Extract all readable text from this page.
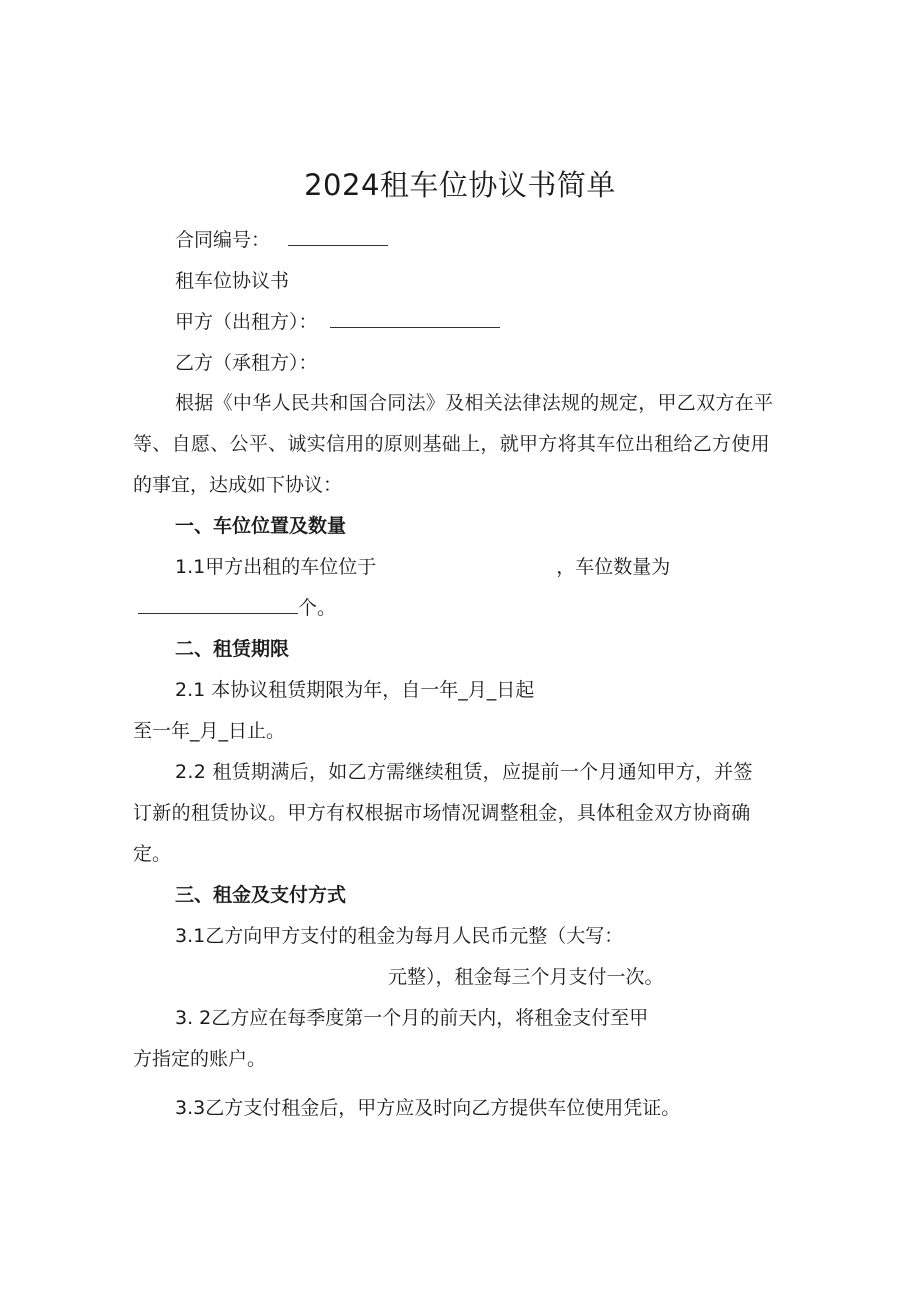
2024租车位协议书简单
合同编号：
租车位协议书
甲方（出租方）：
乙方（承租方）：
根据《中华人民共和国合同法》及相关法律法规的规定，甲乙双方在平
等、自愿、公平、诚实信用的原则基础上，就甲方将其车位出租给乙方使用
的事宜，达成如下协议：
一、车位位置及数量
1.1甲方出租的车位位于	，车位数量为
个。
二、租赁期限
2.1 本协议租赁期限为年，自一年_月_日起
至一年_月_日止。
2.2 租赁期满后，如乙方需继续租赁，应提前一个月通知甲方，并签
订新的租赁协议。甲方有权根据市场情况调整租金，具体租金双方协商确
定。
三、租金及支付方式
3.1乙方向甲方支付的租金为每月人民币元整（大写：
元整），租金每三个月支付一次。
3. 2乙方应在每季度第一个月的前天内，将租金支付至甲
方指定的账户。
3.3乙方支付租金后，甲方应及时向乙方提供车位使用凭证。
